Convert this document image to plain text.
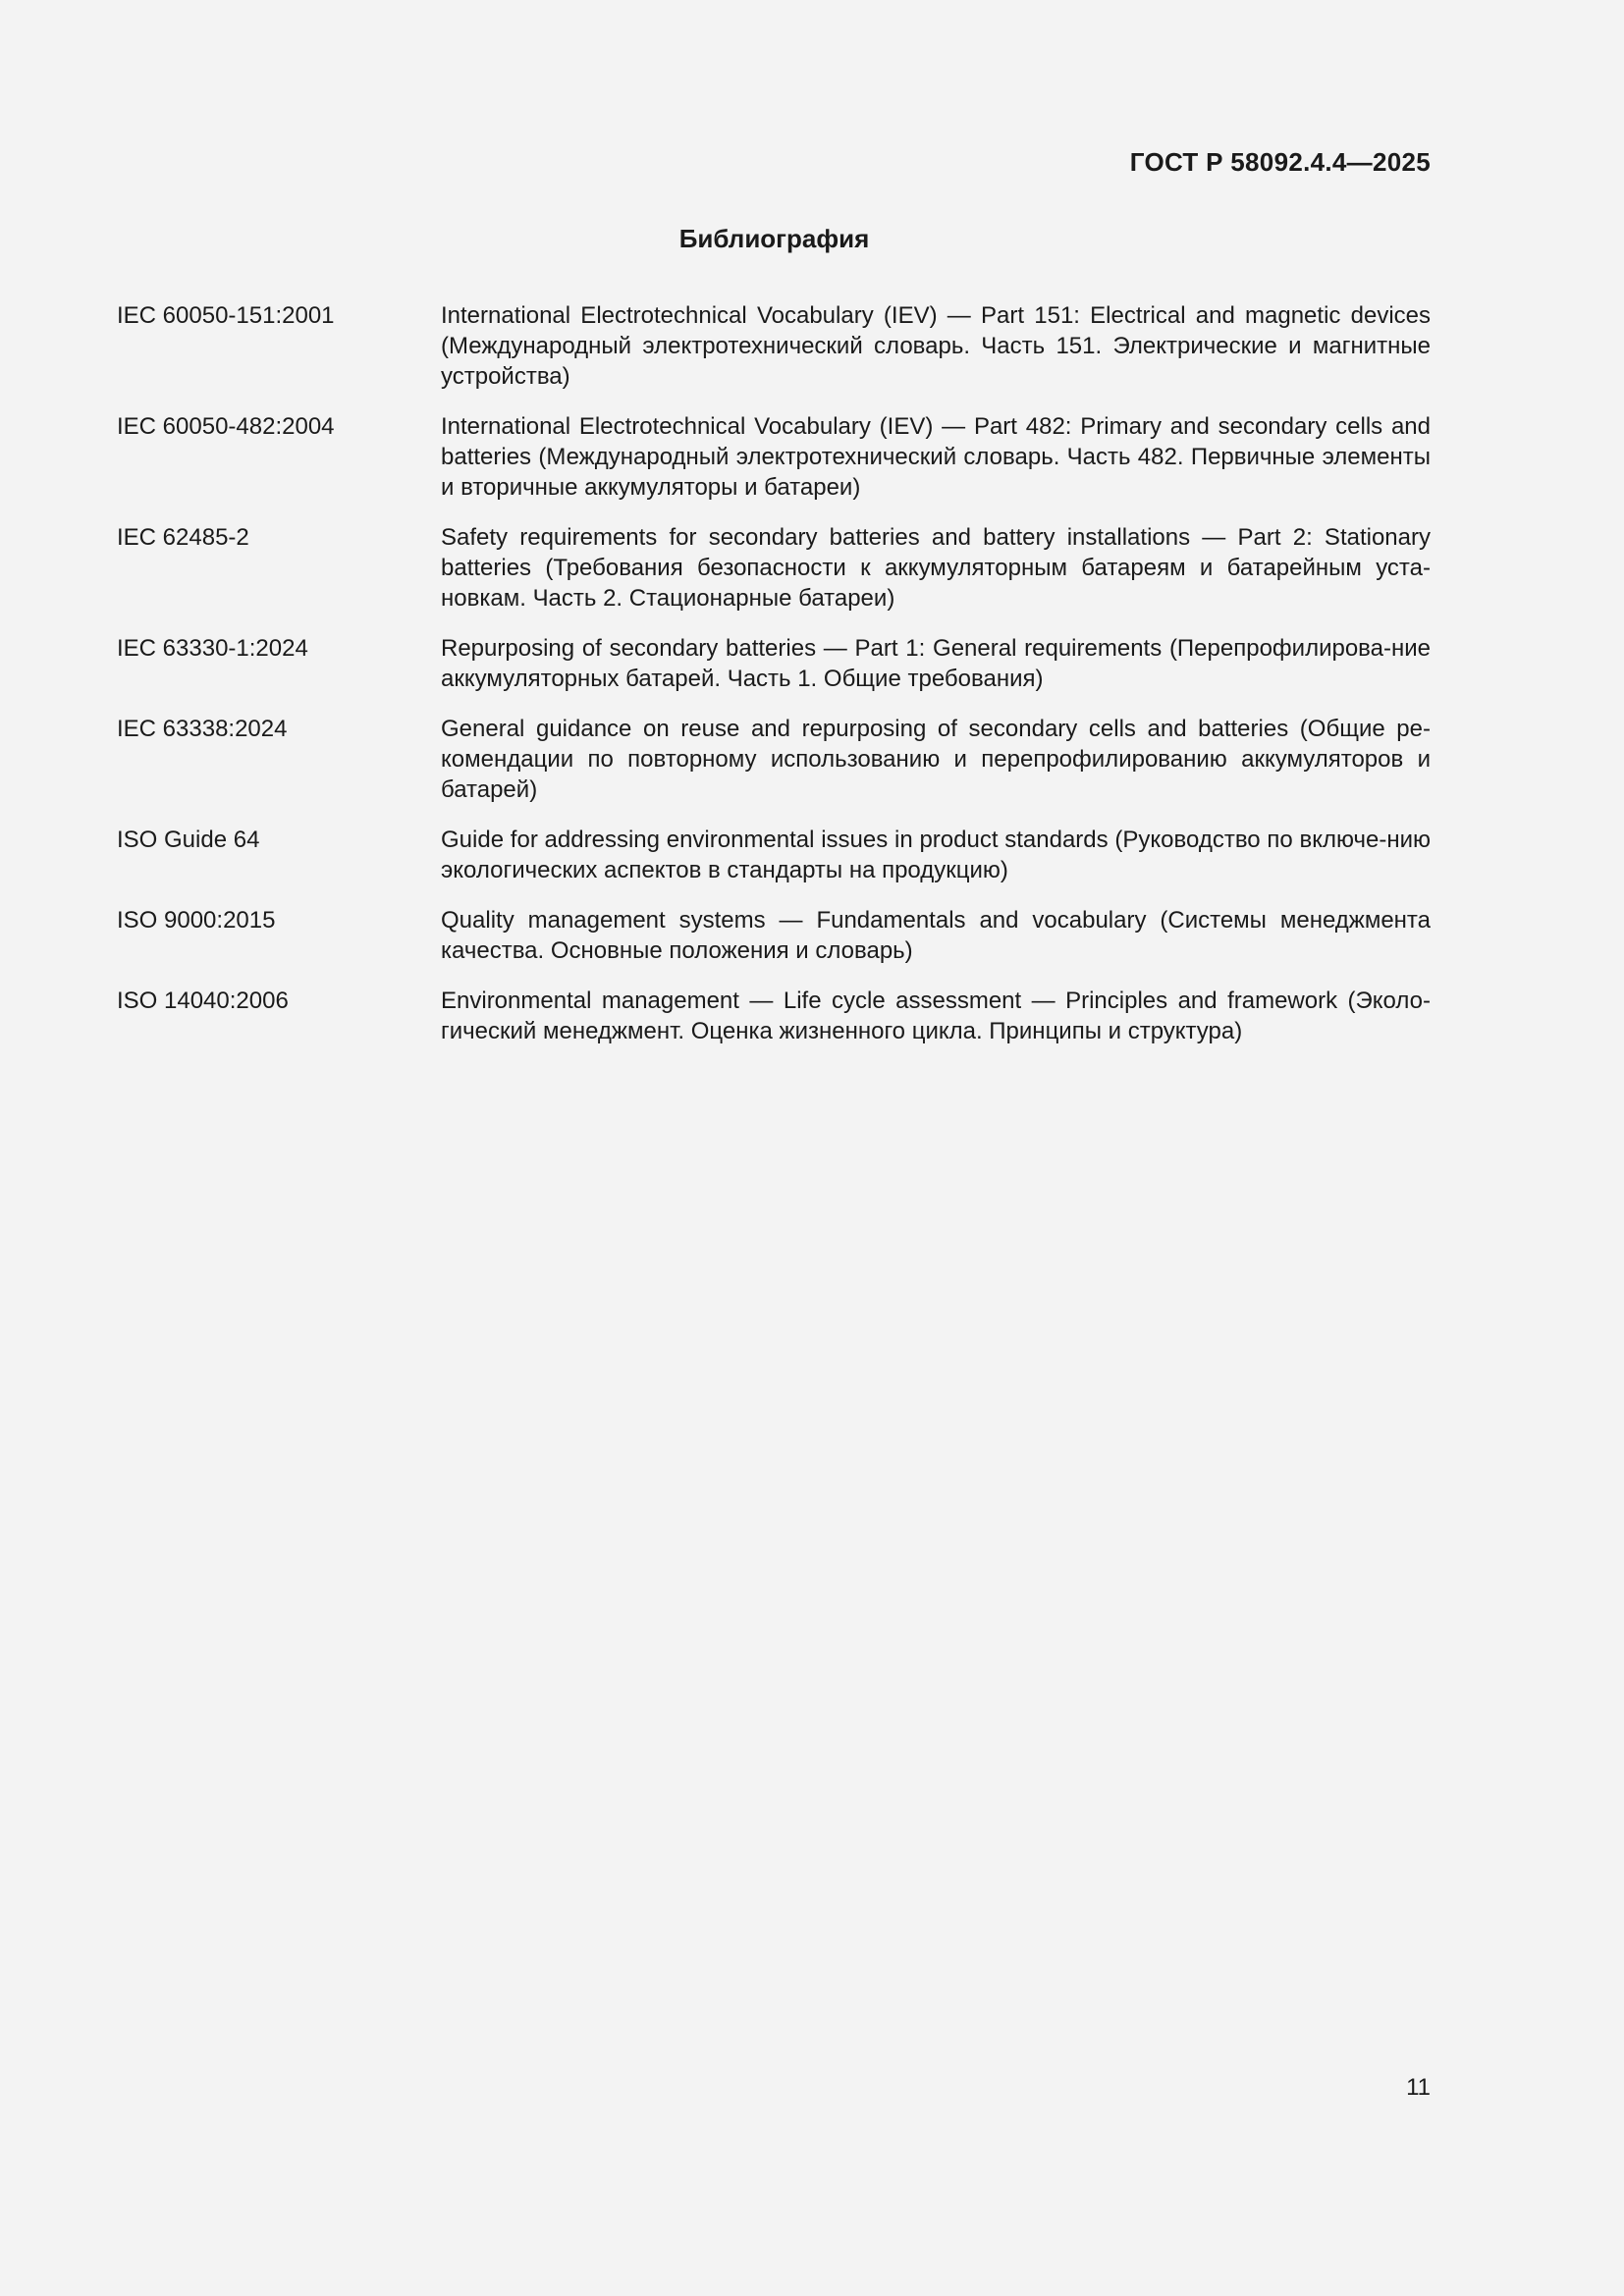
ГОСТ Р 58092.4.4—2025
Библиография
IEC 60050-151:2001	International Electrotechnical Vocabulary (IEV) — Part 151: Electrical and magnetic devices (Международный электротехнический словарь. Часть 151. Электрические и магнитные устройства)
IEC 60050-482:2004	International Electrotechnical Vocabulary (IEV) — Part 482: Primary and secondary cells and batteries (Международный электротехнический словарь. Часть 482. Первичные элементы и вторичные аккумуляторы и батареи)
IEC 62485-2	Safety requirements for secondary batteries and battery installations — Part 2: Stationary batteries (Требования безопасности к аккумуляторным батареям и батарейным уста-новкам. Часть 2. Стационарные батареи)
IEC 63330-1:2024	Repurposing of secondary batteries — Part 1: General requirements (Перепрофилирова-ние аккумуляторных батарей. Часть 1. Общие требования)
IEC 63338:2024	General guidance on reuse and repurposing of secondary cells and batteries (Общие ре-комендации по повторному использованию и перепрофилированию аккумуляторов и батарей)
ISO Guide 64	Guide for addressing environmental issues in product standards (Руководство по включе-нию экологических аспектов в стандарты на продукцию)
ISO 9000:2015	Quality management systems — Fundamentals and vocabulary (Системы менеджмента качества. Основные положения и словарь)
ISO 14040:2006	Environmental management — Life cycle assessment — Principles and framework (Эколо-гический менеджмент. Оценка жизненного цикла. Принципы и структура)
11
